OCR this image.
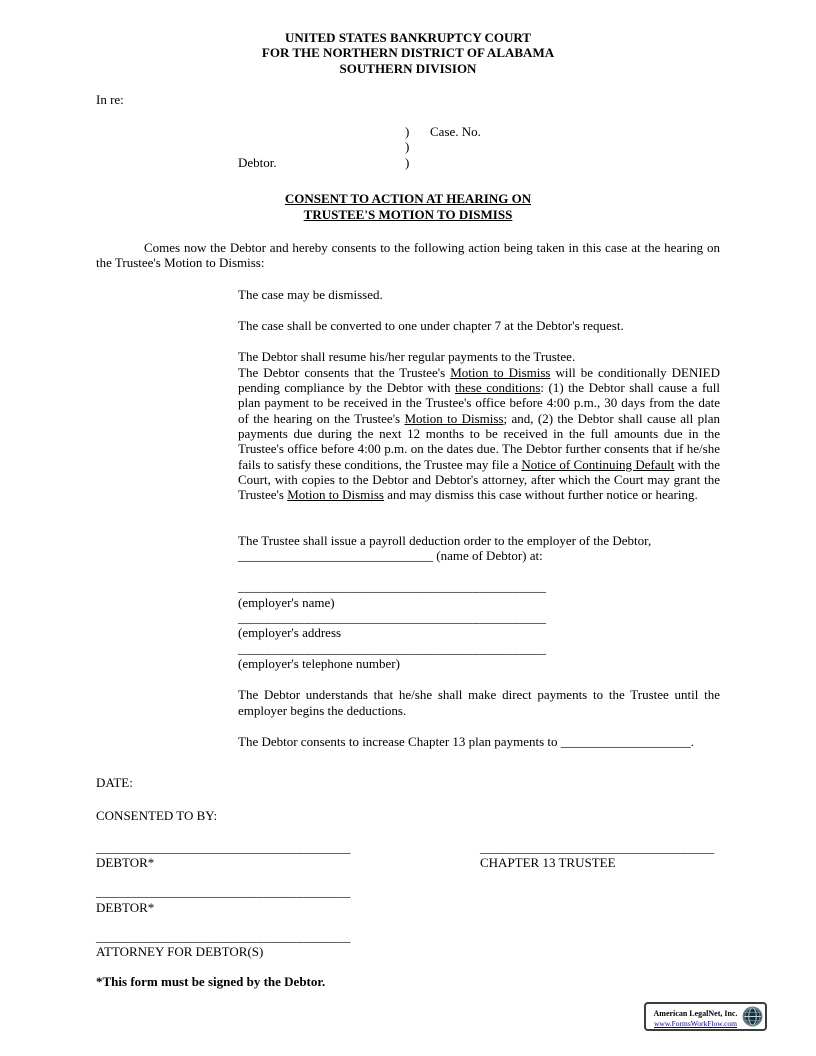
UNITED STATES BANKRUPTCY COURT
FOR THE NORTHERN DISTRICT OF ALABAMA
SOUTHERN DIVISION
In re:
) Case. No.
)
Debtor.	)
CONSENT TO ACTION AT HEARING ON
TRUSTEE'S MOTION TO DISMISS

Comes now the Debtor and hereby consents to the following action being taken in this case at the hearing on the Trustee's Motion to Dismiss:

The case may be dismissed.

The case shall be converted to one under chapter 7 at the Debtor's request.

The Debtor shall resume his/her regular payments to the Trustee.

The Debtor consents that the Trustee's Motion to Dismiss will be conditionally DENIED pending compliance by the Debtor with these conditions: (1) the Debtor shall cause a full plan payment to be received in the Trustee's office before 4:00 p.m., 30 days from the date of the hearing on the Trustee's Motion to Dismiss; and, (2) the Debtor shall cause all plan payments due during the next 12 months to be received in the full amounts due in the Trustee's office before 4:00 p.m. on the dates due. The Debtor further consents that if he/she fails to satisfy these conditions, the Trustee may file a Notice of Continuing Default with the Court, with copies to the Debtor and Debtor's attorney, after which the Court may grant the Trustee's Motion to Dismiss and may dismiss this case without further notice or hearing.

The Trustee shall issue a payroll deduction order to the employer of the Debtor,
______________________________ (name of Debtor) at:
______________________________________________
(employer's name)
______________________________________________
(employer's address
______________________________________________
(employer's telephone number)

The Debtor understands that he/she shall make direct payments to the Trustee until the employer begins the deductions.

The Debtor consents to increase Chapter 13 plan payments to ____________________.

DATE:
CONSENTED TO BY:
______________________________________	___________________________________
DEBTOR*	CHAPTER 13 TRUSTEE
______________________________________
DEBTOR*
______________________________________
ATTORNEY FOR DEBTOR(S)
*This form must be signed by the Debtor.
American LegalNet, Inc.
www.FormsWorkFlow.com
